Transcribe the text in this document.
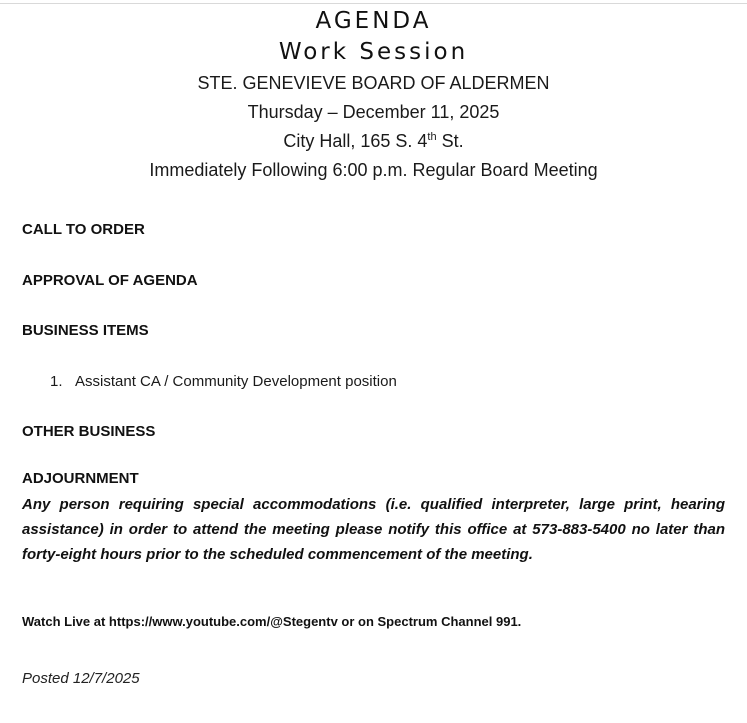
AGENDA
Work Session
STE. GENEVIEVE BOARD OF ALDERMEN
Thursday – December 11, 2025
City Hall, 165 S. 4th St.
Immediately Following 6:00 p.m. Regular Board Meeting
CALL TO ORDER
APPROVAL OF AGENDA
BUSINESS ITEMS
1. Assistant CA / Community Development position
OTHER BUSINESS
ADJOURNMENT
Any person requiring special accommodations (i.e. qualified interpreter, large print, hearing assistance) in order to attend the meeting please notify this office at 573-883-5400 no later than forty-eight hours prior to the scheduled commencement of the meeting.
Watch Live at https://www.youtube.com/@Stegentv or on Spectrum Channel 991.
Posted 12/7/2025
